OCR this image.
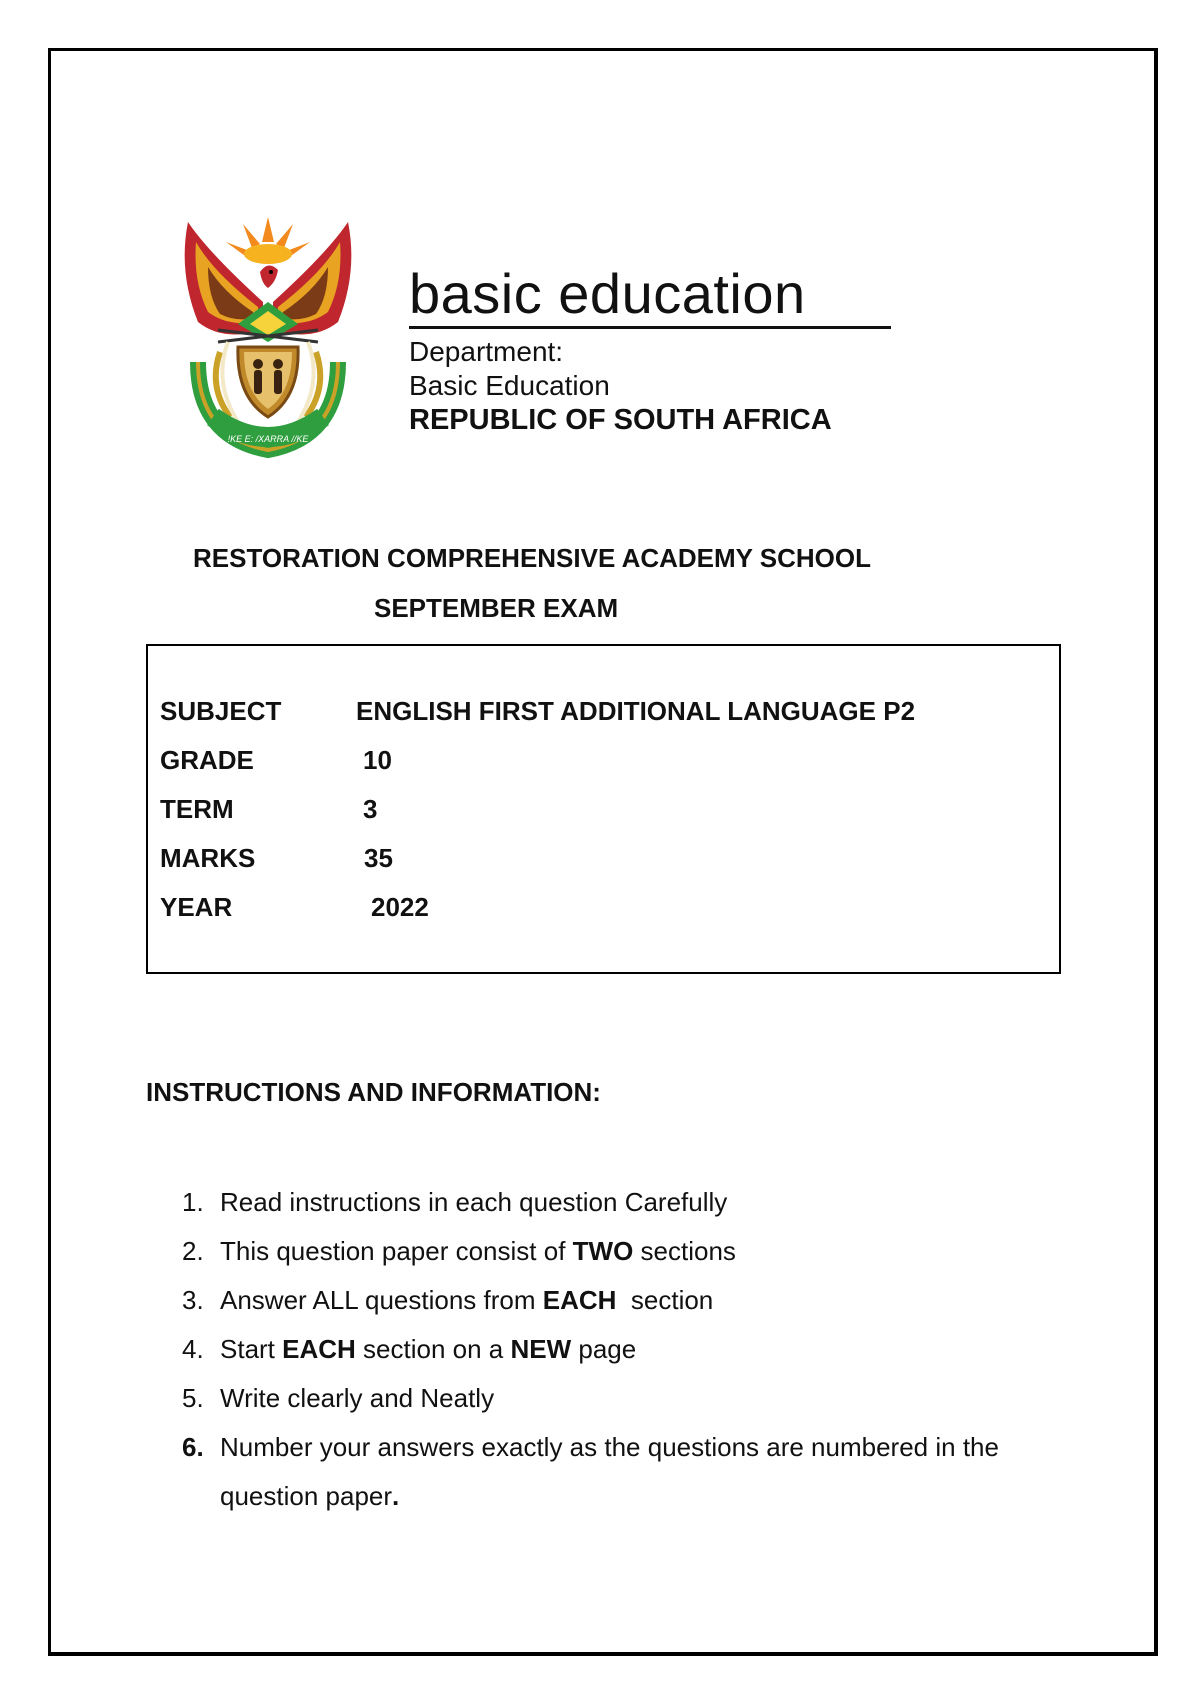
!KE E: /XARRA //KE
basic education
Department:
Basic Education
REPUBLIC OF SOUTH AFRICA
RESTORATION COMPREHENSIVE ACADEMY SCHOOL
SEPTEMBER EXAM
SUBJECT	ENGLISH FIRST ADDITIONAL LANGUAGE P2
GRADE	10
TERM	3
MARKS	35
YEAR	2022
INSTRUCTIONS AND INFORMATION:
1. Read instructions in each question Carefully
2. This question paper consist of TWO sections
3. Answer ALL questions from EACH  section
4. Start EACH section on a NEW page
5. Write clearly and Neatly
6. Number your answers exactly as the questions are numbered in the question paper.
